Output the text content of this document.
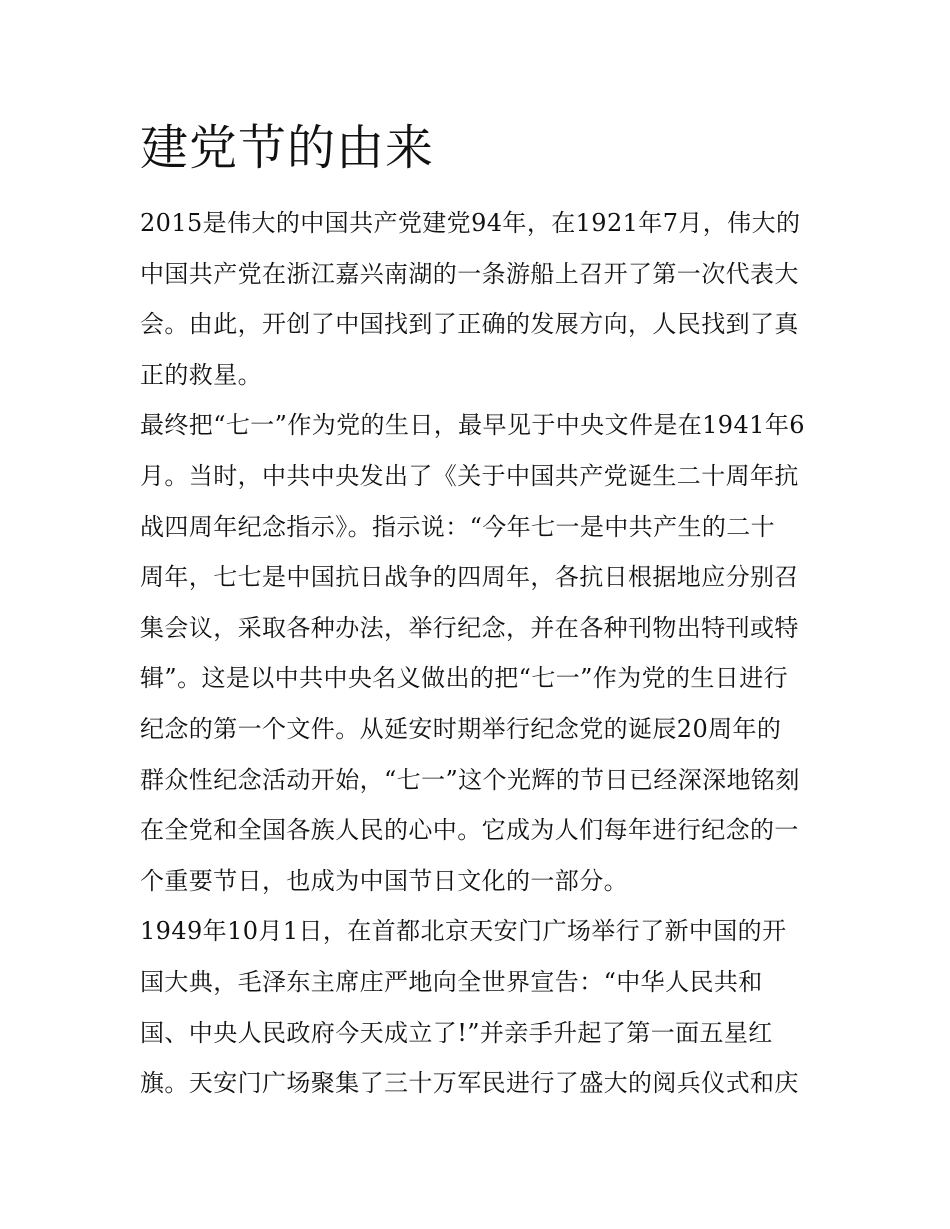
建党节的由来
2015是伟大的中国共产党建党94年，在1921年7月，伟大的
中国共产党在浙江嘉兴南湖的一条游船上召开了第一次代表大
会。由此，开创了中国找到了正确的发展方向，人民找到了真
正的救星。
最终把“七一”作为党的生日，最早见于中央文件是在1941年6
月。当时，中共中央发出了《关于中国共产党诞生二十周年抗
战四周年纪念指示》。指示说：“今年七一是中共产生的二十
周年，七七是中国抗日战争的四周年，各抗日根据地应分别召
集会议，采取各种办法，举行纪念，并在各种刊物出特刊或特
辑”。这是以中共中央名义做出的把“七一”作为党的生日进行
纪念的第一个文件。从延安时期举行纪念党的诞辰20周年的
群众性纪念活动开始，“七一”这个光辉的节日已经深深地铭刻
在全党和全国各族人民的心中。它成为人们每年进行纪念的一
个重要节日，也成为中国节日文化的一部分。
1949年10月1日，在首都北京天安门广场举行了新中国的开
国大典，毛泽东主席庄严地向全世界宣告：“中华人民共和
国、中央人民政府今天成立了!”并亲手升起了第一面五星红
旗。天安门广场聚集了三十万军民进行了盛大的阅兵仪式和庆
